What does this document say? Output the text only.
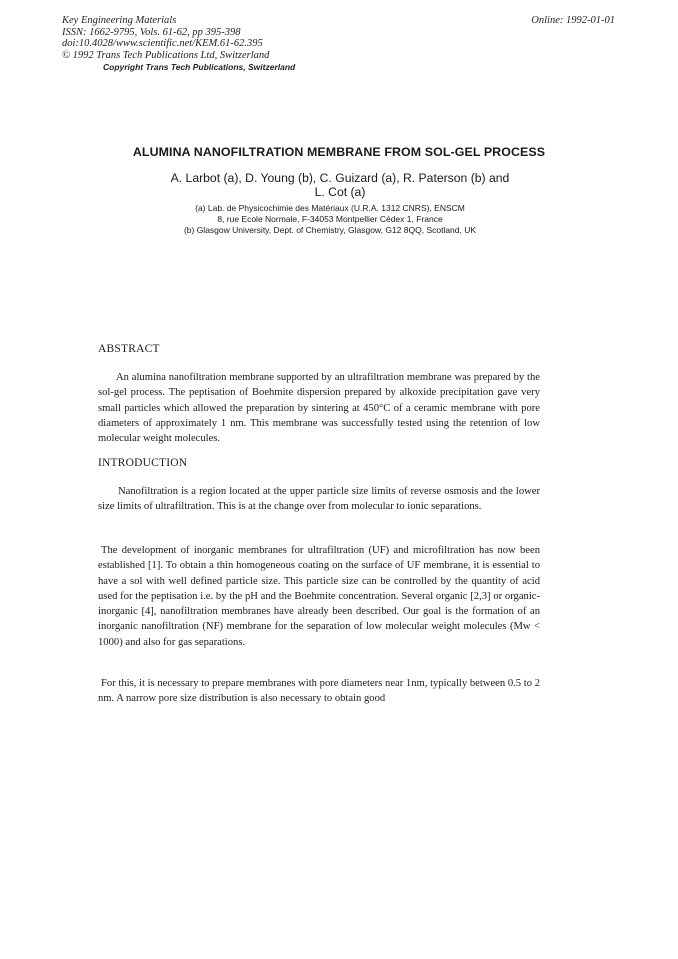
Key Engineering Materials
ISSN: 1662-9795, Vols. 61-62, pp 395-398
doi:10.4028/www.scientific.net/KEM.61-62.395
© 1992 Trans Tech Publications Ltd, Switzerland
Copyright Trans Tech Publications, Switzerland
Online: 1992-01-01
ALUMINA NANOFILTRATION MEMBRANE FROM SOL-GEL PROCESS
A. Larbot (a), D. Young (b), C. Guizard (a), R. Paterson (b) and
L. Cot (a)
(a) Lab. de Physicochimie des Matériaux (U.R.A. 1312 CNRS), ENSCM
8, rue Ecole Normale, F-34053 Montpellier Cédex 1, France
(b) Glasgow University, Dept. of Chemistry, Glasgow, G12 8QQ, Scotland, UK
ABSTRACT

An alumina nanofiltration membrane supported by an ultrafiltration membrane was prepared by the sol-gel process. The peptisation of Boehmite dispersion prepared by alkoxide precipitation gave very small particles which allowed the preparation by sintering at 450°C of a ceramic membrane with pore diameters of approximately 1 nm. This membrane was successfully tested using the retention of low molecular weight molecules.

INTRODUCTION

Nanofiltration is a region located at the upper particle size limits of reverse osmosis and the lower size limits of ultrafiltration. This is at the change over from molecular to ionic separations.

The development of inorganic membranes for ultrafiltration (UF) and microfiltration has now been established [1]. To obtain a thin homogeneous coating on the surface of UF membrane, it is essential to have a sol with well defined particle size. This particle size can be controlled by the quantity of acid used for the peptisation i.e. by the pH and the Boehmite concentration. Several organic [2,3] or organic-inorganic [4], nanofiltration membranes have already been described. Our goal is the formation of an inorganic nanofiltration (NF) membrane for the separation of low molecular weight molecules (Mw < 1000) and also for gas separations.

For this, it is necessary to prepare membranes with pore diameters near 1nm, typically between 0.5 to 2 nm. A narrow pore size distribution is also necessary to obtain good
